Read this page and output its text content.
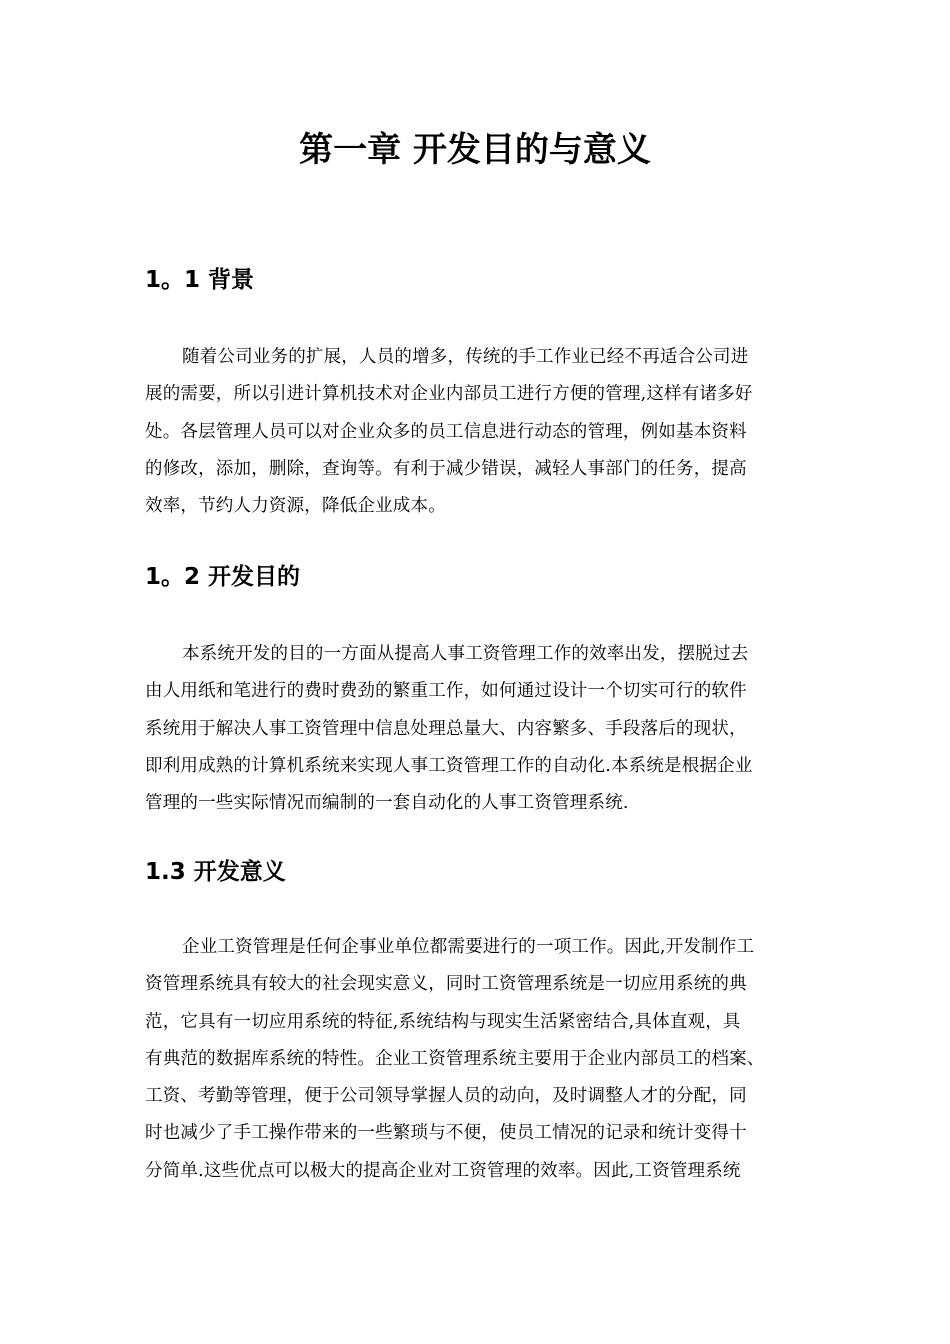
第一章 开发目的与意义
1。1 背景
随着公司业务的扩展，人员的增多，传统的手工作业已经不再适合公司进
展的需要，所以引进计算机技术对企业内部员工进行方便的管理,这样有诸多好
处。各层管理人员可以对企业众多的员工信息进行动态的管理，例如基本资料
的修改，添加，删除，查询等。有利于减少错误，减轻人事部门的任务，提高
效率，节约人力资源，降低企业成本。
1。2 开发目的
本系统开发的目的一方面从提高人事工资管理工作的效率出发，摆脱过去
由人用纸和笔进行的费时费劲的繁重工作，如何通过设计一个切实可行的软件
系统用于解决人事工资管理中信息处理总量大、内容繁多、手段落后的现状，
即利用成熟的计算机系统来实现人事工资管理工作的自动化.本系统是根据企业
管理的一些实际情况而编制的一套自动化的人事工资管理系统.
1.3 开发意义
企业工资管理是任何企事业单位都需要进行的一项工作。因此,开发制作工
资管理系统具有较大的社会现实意义，同时工资管理系统是一切应用系统的典
范，它具有一切应用系统的特征,系统结构与现实生活紧密结合,具体直观，具
有典范的数据库系统的特性。企业工资管理系统主要用于企业内部员工的档案、
工资、考勤等管理，便于公司领导掌握人员的动向，及时调整人才的分配，同
时也减少了手工操作带来的一些繁琐与不便，使员工情况的记录和统计变得十
分简单.这些优点可以极大的提高企业对工资管理的效率。因此,工资管理系统
